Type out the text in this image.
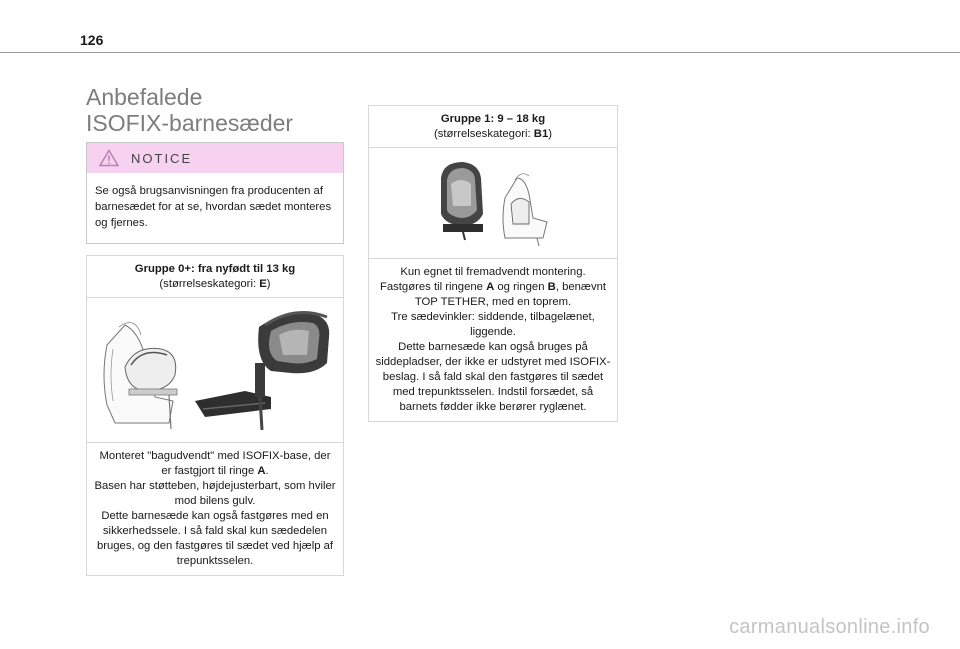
126
Anbefalede
ISOFIX-barnesæder
NOTICE
Se også brugsanvisningen fra producenten af barnesædet for at se, hvordan sædet monteres og fjernes.
Gruppe 0+: fra nyfødt til 13 kg
(størrelseskategori: E)

Monteret "bagudvendt" med ISOFIX-base, der er fastgjort til ringe A.

Basen har støtteben, højdejusterbart, som hviler mod bilens gulv.

Dette barnesæde kan også fastgøres med en sikkerhedssele. I så fald skal kun sædedelen bruges, og den fastgøres til sædet ved hjælp af trepunktsselen.

Gruppe 1: 9 – 18 kg
(størrelseskategori: B1)

Kun egnet til fremadvendt montering.

Fastgøres til ringene A og ringen B, benævnt TOP TETHER, med en toprem.

Tre sædevinkler: siddende, tilbagelænet, liggende.

Dette barnesæde kan også bruges på siddepladser, der ikke er udstyret med ISOFIX-beslag. I så fald skal den fastgøres til sædet med trepunktsselen. Indstil forsædet, så barnets fødder ikke berører ryglænet.

carmanualsonline.info
